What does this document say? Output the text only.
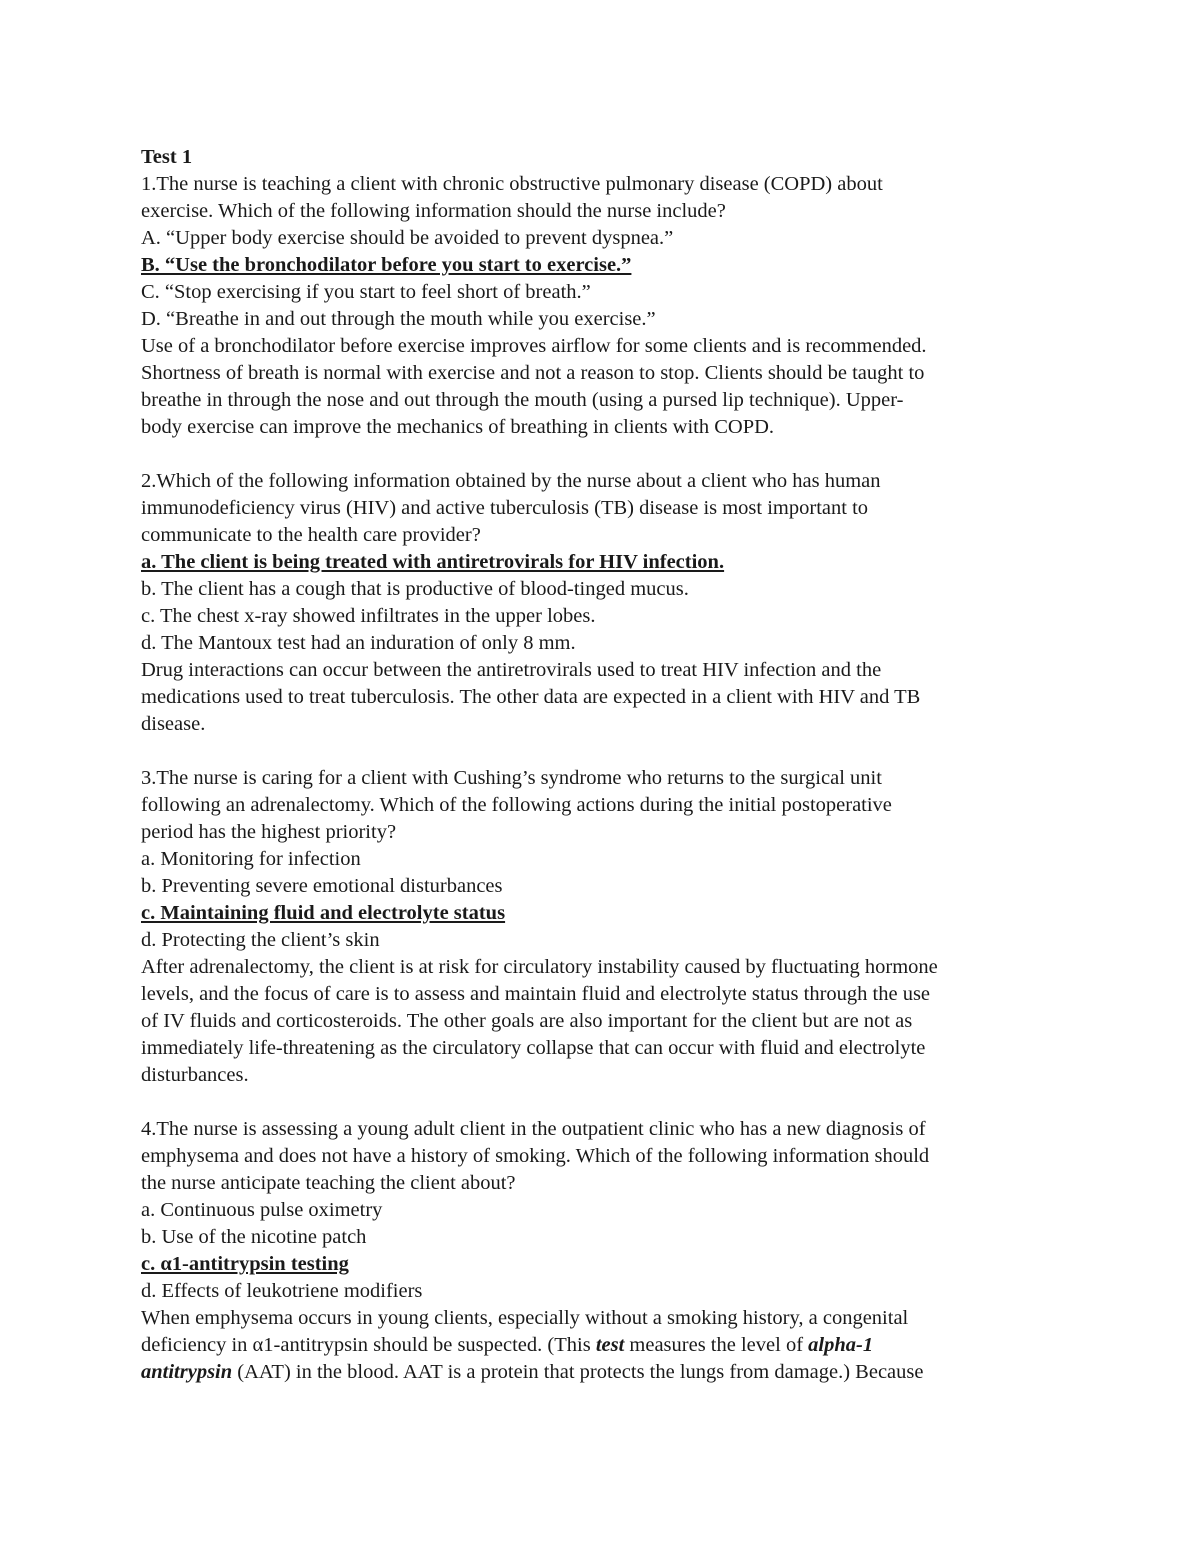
Test 1
1.The nurse is teaching a client with chronic obstructive pulmonary disease (COPD) about
exercise. Which of the following information should the nurse include?
A. “Upper body exercise should be avoided to prevent dyspnea.”
B. “Use the bronchodilator before you start to exercise.”
C. “Stop exercising if you start to feel short of breath.”
D. “Breathe in and out through the mouth while you exercise.”
Use of a bronchodilator before exercise improves airflow for some clients and is recommended.
Shortness of breath is normal with exercise and not a reason to stop. Clients should be taught to
breathe in through the nose and out through the mouth (using a pursed lip technique). Upper-
body exercise can improve the mechanics of breathing in clients with COPD.
2.Which of the following information obtained by the nurse about a client who has human
immunodeficiency virus (HIV) and active tuberculosis (TB) disease is most important to
communicate to the health care provider?
a. The client is being treated with antiretrovirals for HIV infection.
b. The client has a cough that is productive of blood-tinged mucus.
c. The chest x-ray showed infiltrates in the upper lobes.
d. The Mantoux test had an induration of only 8 mm.
Drug interactions can occur between the antiretrovirals used to treat HIV infection and the
medications used to treat tuberculosis. The other data are expected in a client with HIV and TB
disease.
3.The nurse is caring for a client with Cushing’s syndrome who returns to the surgical unit
following an adrenalectomy. Which of the following actions during the initial postoperative
period has the highest priority?
a. Monitoring for infection
b. Preventing severe emotional disturbances
c. Maintaining fluid and electrolyte status
d. Protecting the client’s skin
After adrenalectomy, the client is at risk for circulatory instability caused by fluctuating hormone
levels, and the focus of care is to assess and maintain fluid and electrolyte status through the use
of IV fluids and corticosteroids. The other goals are also important for the client but are not as
immediately life-threatening as the circulatory collapse that can occur with fluid and electrolyte
disturbances.
4.The nurse is assessing a young adult client in the outpatient clinic who has a new diagnosis of
emphysema and does not have a history of smoking. Which of the following information should
the nurse anticipate teaching the client about?
a. Continuous pulse oximetry
b. Use of the nicotine patch
c. α1-antitrypsin testing
d. Effects of leukotriene modifiers
When emphysema occurs in young clients, especially without a smoking history, a congenital
deficiency in α1-antitrypsin should be suspected. (This test measures the level of alpha-1
antitrypsin (AAT) in the blood. AAT is a protein that protects the lungs from damage.) Because
